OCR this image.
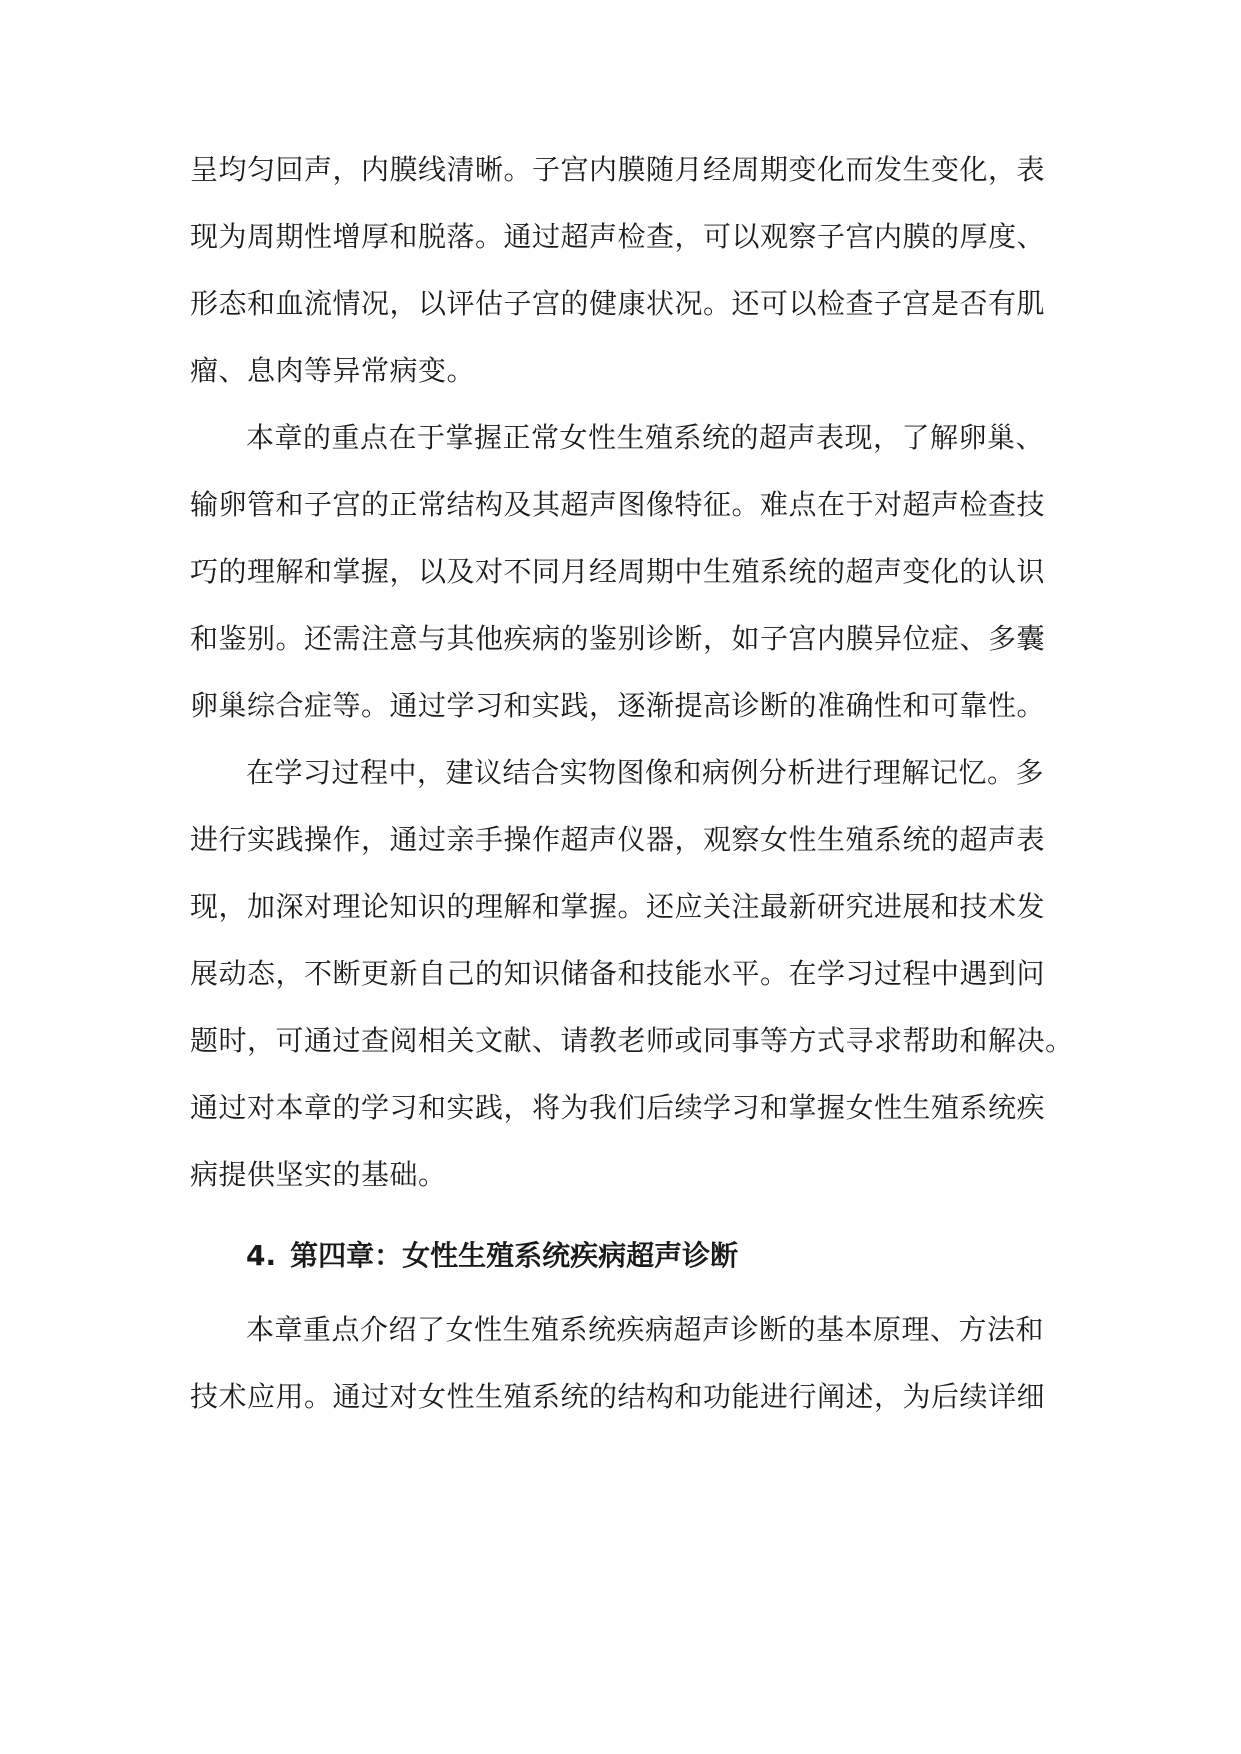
呈均匀回声，内膜线清晰。子宫内膜随月经周期变化而发生变化，表
现为周期性增厚和脱落。通过超声检查，可以观察子宫内膜的厚度、
形态和血流情况，以评估子宫的健康状况。还可以检查子宫是否有肌
瘤、息肉等异常病变。
本章的重点在于掌握正常女性生殖系统的超声表现，了解卵巢、
输卵管和子宫的正常结构及其超声图像特征。难点在于对超声检查技
巧的理解和掌握，以及对不同月经周期中生殖系统的超声变化的认识
和鉴别。还需注意与其他疾病的鉴别诊断，如子宫内膜异位症、多囊
卵巢综合症等。通过学习和实践，逐渐提高诊断的准确性和可靠性。
在学习过程中，建议结合实物图像和病例分析进行理解记忆。多
进行实践操作，通过亲手操作超声仪器，观察女性生殖系统的超声表
现，加深对理论知识的理解和掌握。还应关注最新研究进展和技术发
展动态，不断更新自己的知识储备和技能水平。在学习过程中遇到问
题时，可通过查阅相关文献、请教老师或同事等方式寻求帮助和解决。
通过对本章的学习和实践，将为我们后续学习和掌握女性生殖系统疾
病提供坚实的基础。
4. 第四章：女性生殖系统疾病超声诊断
本章重点介绍了女性生殖系统疾病超声诊断的基本原理、方法和
技术应用。通过对女性生殖系统的结构和功能进行阐述，为后续详细
